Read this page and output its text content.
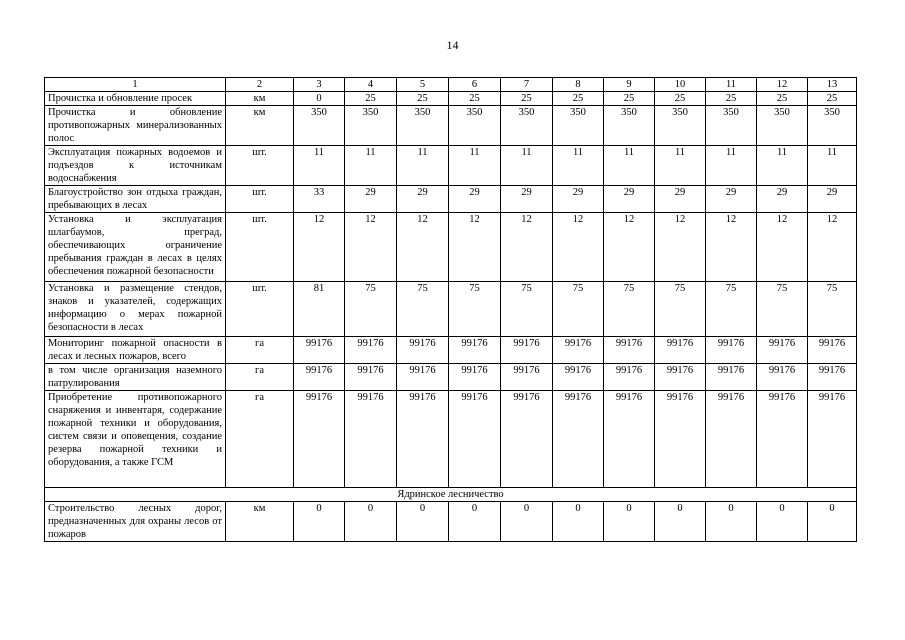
14
1	2	3	4	5	6	7	8	9	10	11	12	13
Прочистка и обновление просек	км	0	25	25	25	25	25	25	25	25	25	25
Прочистка и обновление противопожарных минерализованных полос	км	350	350	350	350	350	350	350	350	350	350	350
Эксплуатация пожарных водоемов и подъездов к источникам водоснабжения	шт.	11	11	11	11	11	11	11	11	11	11	11
Благоустройство зон отдыха граждан, пребывающих в лесах	шт.	33	29	29	29	29	29	29	29	29	29	29
Установка и эксплуатация шлагбаумов, преград, обеспечивающих ограничение пребывания граждан в лесах в целях обеспечения пожарной безопасности	шт.	12	12	12	12	12	12	12	12	12	12	12
Установка и размещение стендов, знаков и указателей, содержащих информацию о мерах пожарной безопасности в лесах	шт.	81	75	75	75	75	75	75	75	75	75	75
Мониторинг пожарной опасности в лесах и лесных пожаров, всего	га	99176	99176	99176	99176	99176	99176	99176	99176	99176	99176	99176
в том числе организация наземного патрулирования	га	99176	99176	99176	99176	99176	99176	99176	99176	99176	99176	99176
Приобретение противопожарного снаряжения и инвентаря, содержание пожарной техники и оборудования, систем связи и оповещения, создание резерва пожарной техники и оборудования, а также ГСМ	га	99176	99176	99176	99176	99176	99176	99176	99176	99176	99176	99176
Ядринское лесничество												
Строительство лесных дорог, предназначенных для охраны лесов от пожаров	км	0	0	0	0	0	0	0	0	0	0	0
